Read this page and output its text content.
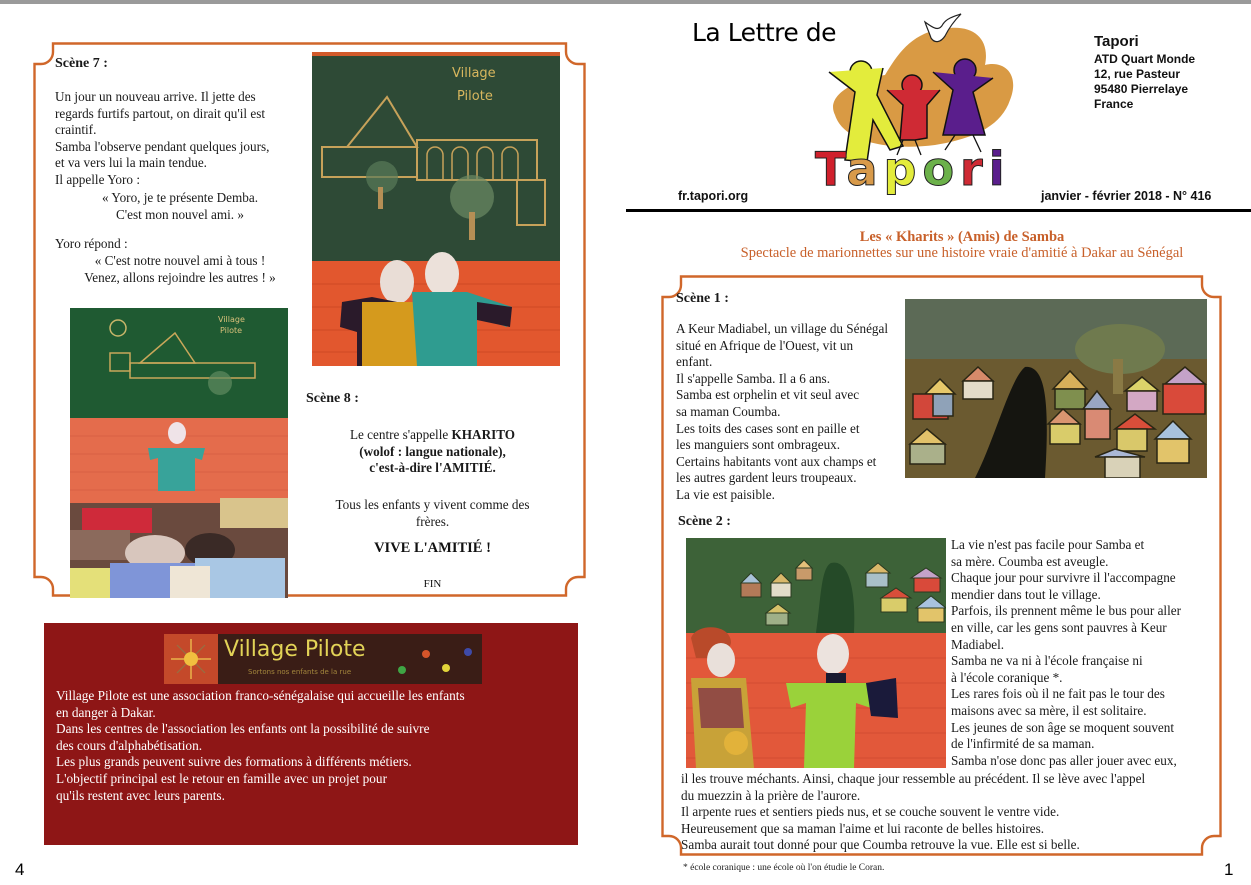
Scène 7 :
Un jour un nouveau arrive. Il jette des
regards furtifs partout, on dirait qu'il est
craintif.
Samba l'observe pendant quelques jours,
et va vers lui la main tendue.
Il appelle Yoro :
« Yoro, je te présente Demba.
C'est mon nouvel ami. »
Yoro répond :
« C'est notre nouvel ami à tous !
Venez, allons rejoindre les autres ! »
Village
Pilote
Village
Pilote
Scène 8 :
Le centre s'appelle KHARITO
(wolof : langue nationale),
c'est-à-dire l'AMITIÉ.
Tous les enfants y vivent comme des
frères.
VIVE L'AMITIÉ !
FIN
Village Pilote
Sortons nos enfants de la rue
Village Pilote est une association franco-sénégalaise qui accueille les enfants
en danger à Dakar.
Dans les centres de l'association les enfants ont la possibilité de suivre
des cours d'alphabétisation.
Les plus grands peuvent suivre des formations à différents métiers.
L'objectif principal est le retour en famille avec un projet pour
qu'ils restent avec leurs parents.
4
La Lettre de
Tapori
Tapori
ATD Quart Monde
12, rue Pasteur
95480 Pierrelaye
France
fr.tapori.org	janvier - février 2018 - N° 416
Les « Kharits » (Amis) de Samba
Spectacle de marionnettes sur une histoire vraie d'amitié à Dakar au Sénégal
Scène 1 :
A Keur Madiabel, un village du Sénégal
situé en Afrique de l'Ouest, vit un
enfant.
Il s'appelle Samba. Il a 6 ans.
Samba est orphelin et vit seul avec
sa maman Coumba.
Les toits des cases sont en paille et
les manguiers sont ombrageux.
Certains habitants vont aux champs et
les autres gardent leurs troupeaux.
La vie est paisible.
Scène 2 :
La vie n'est pas facile pour Samba et
sa mère. Coumba est aveugle.
Chaque jour pour survivre il l'accompagne
mendier dans tout le village.
Parfois, ils prennent même le bus pour aller
en ville, car les gens sont pauvres à Keur
Madiabel.
Samba ne va ni à l'école française ni
à l'école coranique *.
Les rares fois où il ne fait pas le tour des
maisons avec sa mère, il est solitaire.
Les jeunes de son âge se moquent souvent
de l'infirmité de sa maman.
Samba n'ose donc pas aller jouer avec eux,
il les trouve méchants. Ainsi, chaque jour ressemble au précédent. Il se lève avec l'appel
du muezzin à la prière de l'aurore.
Il arpente rues et sentiers pieds nus, et se couche souvent le ventre vide.
Heureusement que sa maman l'aime et lui raconte de belles histoires.
Samba aurait tout donné pour que Coumba retrouve la vue. Elle est si belle.
* école coranique : une école où l'on étudie le Coran.	1
